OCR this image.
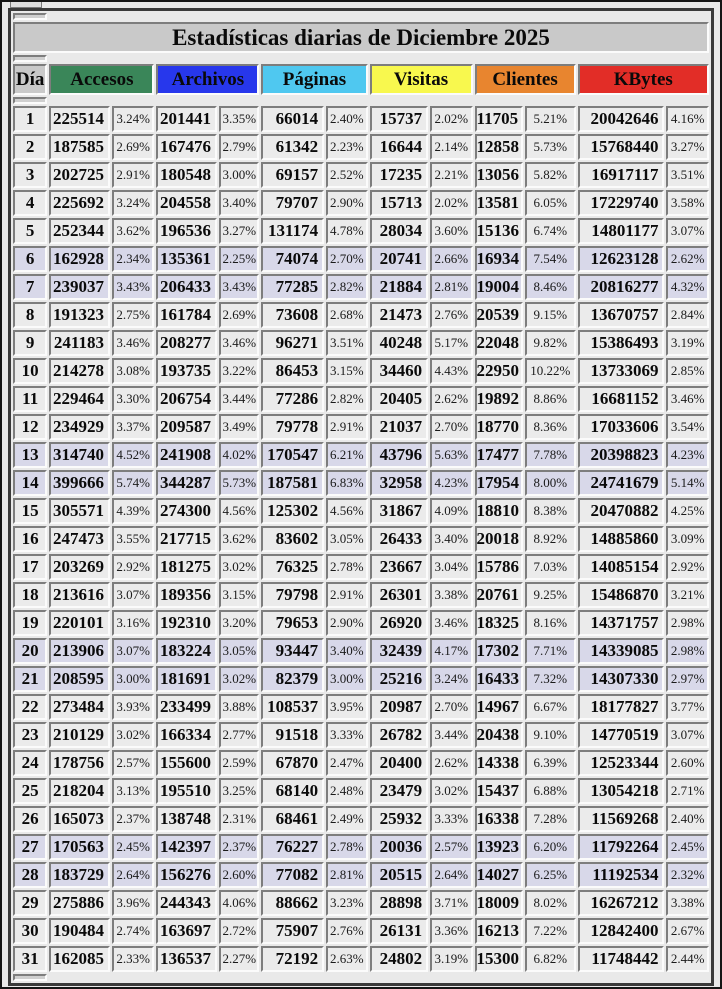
Estadísticas diarias de Diciembre 2025												

Día	Accesos		Archivos		Páginas		Visitas		Clientes		KBytes	

1	225514	3.24%	201441	3.35%	66014	2.40%	15737	2.02%	11705	5.21%	20042646	4.16%
2	187585	2.69%	167476	2.79%	61342	2.23%	16644	2.14%	12858	5.73%	15768440	3.27%
3	202725	2.91%	180548	3.00%	69157	2.52%	17235	2.21%	13056	5.82%	16917117	3.51%
4	225692	3.24%	204558	3.40%	79707	2.90%	15713	2.02%	13581	6.05%	17229740	3.58%
5	252344	3.62%	196536	3.27%	131174	4.78%	28034	3.60%	15136	6.74%	14801177	3.07%
6	162928	2.34%	135361	2.25%	74074	2.70%	20741	2.66%	16934	7.54%	12623128	2.62%
7	239037	3.43%	206433	3.43%	77285	2.82%	21884	2.81%	19004	8.46%	20816277	4.32%
8	191323	2.75%	161784	2.69%	73608	2.68%	21473	2.76%	20539	9.15%	13670757	2.84%
9	241183	3.46%	208277	3.46%	96271	3.51%	40248	5.17%	22048	9.82%	15386493	3.19%
10	214278	3.08%	193735	3.22%	86453	3.15%	34460	4.43%	22950	10.22%	13733069	2.85%
11	229464	3.30%	206754	3.44%	77286	2.82%	20405	2.62%	19892	8.86%	16681152	3.46%
12	234929	3.37%	209587	3.49%	79778	2.91%	21037	2.70%	18770	8.36%	17033606	3.54%
13	314740	4.52%	241908	4.02%	170547	6.21%	43796	5.63%	17477	7.78%	20398823	4.23%
14	399666	5.74%	344287	5.73%	187581	6.83%	32958	4.23%	17954	8.00%	24741679	5.14%
15	305571	4.39%	274300	4.56%	125302	4.56%	31867	4.09%	18810	8.38%	20470882	4.25%
16	247473	3.55%	217715	3.62%	83602	3.05%	26433	3.40%	20018	8.92%	14885860	3.09%
17	203269	2.92%	181275	3.02%	76325	2.78%	23667	3.04%	15786	7.03%	14085154	2.92%
18	213616	3.07%	189356	3.15%	79798	2.91%	26301	3.38%	20761	9.25%	15486870	3.21%
19	220101	3.16%	192310	3.20%	79653	2.90%	26920	3.46%	18325	8.16%	14371757	2.98%
20	213906	3.07%	183224	3.05%	93447	3.40%	32439	4.17%	17302	7.71%	14339085	2.98%
21	208595	3.00%	181691	3.02%	82379	3.00%	25216	3.24%	16433	7.32%	14307330	2.97%
22	273484	3.93%	233499	3.88%	108537	3.95%	20987	2.70%	14967	6.67%	18177827	3.77%
23	210129	3.02%	166334	2.77%	91518	3.33%	26782	3.44%	20438	9.10%	14770519	3.07%
24	178756	2.57%	155600	2.59%	67870	2.47%	20400	2.62%	14338	6.39%	12523344	2.60%
25	218204	3.13%	195510	3.25%	68140	2.48%	23479	3.02%	15437	6.88%	13054218	2.71%
26	165073	2.37%	138748	2.31%	68461	2.49%	25932	3.33%	16338	7.28%	11569268	2.40%
27	170563	2.45%	142397	2.37%	76227	2.78%	20036	2.57%	13923	6.20%	11792264	2.45%
28	183729	2.64%	156276	2.60%	77082	2.81%	20515	2.64%	14027	6.25%	11192534	2.32%
29	275886	3.96%	244343	4.06%	88662	3.23%	28898	3.71%	18009	8.02%	16267212	3.38%
30	190484	2.74%	163697	2.72%	75907	2.76%	26131	3.36%	16213	7.22%	12842400	2.67%
31	162085	2.33%	136537	2.27%	72192	2.63%	24802	3.19%	15300	6.82%	11748442	2.44%
